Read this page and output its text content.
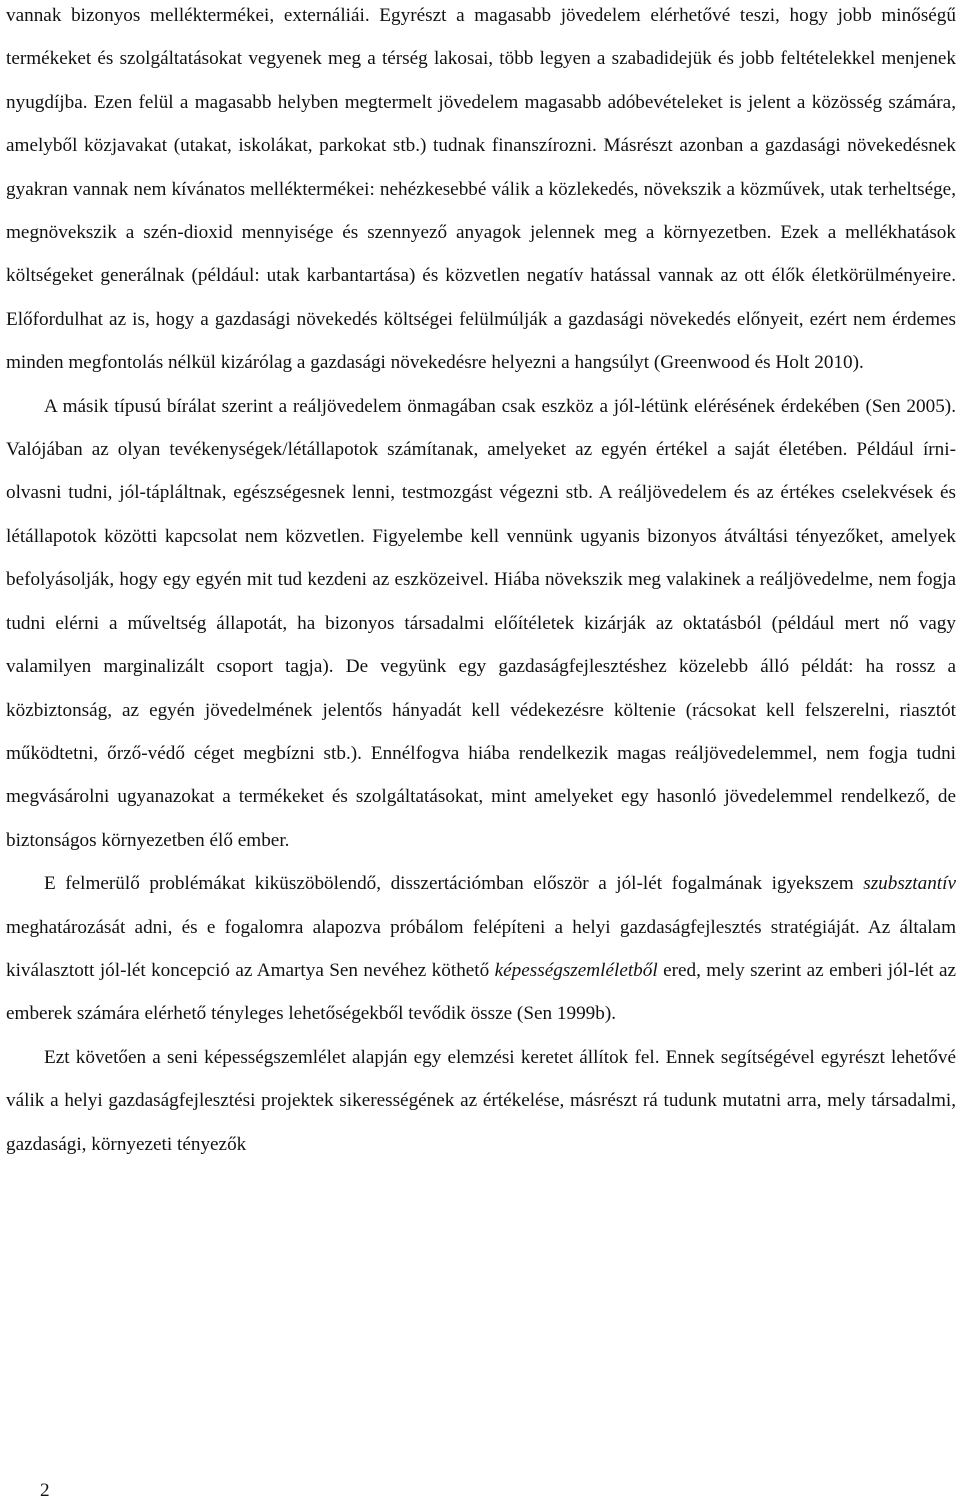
vannak bizonyos melléktermékei, externáliái. Egyrészt a magasabb jövedelem elérhetővé teszi, hogy jobb minőségű termékeket és szolgáltatásokat vegyenek meg a térség lakosai, több legyen a szabadidejük és jobb feltételekkel menjenek nyugdíjba. Ezen felül a magasabb helyben megtermelt jövedelem magasabb adóbevételeket is jelent a közösség számára, amelyből közjavakat (utakat, iskolákat, parkokat stb.) tudnak finanszírozni. Másrészt azonban a gazdasági növekedésnek gyakran vannak nem kívánatos melléktermékei: nehézkesebbé válik a közlekedés, növekszik a közművek, utak terheltsége, megnövekszik a szén-dioxid mennyisége és szennyező anyagok jelennek meg a környezetben. Ezek a mellékhatások költségeket generálnak (például: utak karbantartása) és közvetlen negatív hatással vannak az ott élők életkörülményeire. Előfordulhat az is, hogy a gazdasági növekedés költségei felülmúlják a gazdasági növekedés előnyeit, ezért nem érdemes minden megfontolás nélkül kizárólag a gazdasági növekedésre helyezni a hangsúlyt (Greenwood és Holt 2010).

A másik típusú bírálat szerint a reáljövedelem önmagában csak eszköz a jól-létünk elérésének érdekében (Sen 2005). Valójában az olyan tevékenységek/létállapotok számítanak, amelyeket az egyén értékel a saját életében. Például írni-olvasni tudni, jól-tápláltnak, egészségesnek lenni, testmozgást végezni stb. A reáljövedelem és az értékes cselekvések és létállapotok közötti kapcsolat nem közvetlen. Figyelembe kell vennünk ugyanis bizonyos átváltási tényezőket, amelyek befolyásolják, hogy egy egyén mit tud kezdeni az eszközeivel. Hiába növekszik meg valakinek a reáljövedelme, nem fogja tudni elérni a műveltség állapotát, ha bizonyos társadalmi előítéletek kizárják az oktatásból (például mert nő vagy valamilyen marginalizált csoport tagja). De vegyünk egy gazdaságfejlesztéshez közelebb álló példát: ha rossz a közbiztonság, az egyén jövedelmének jelentős hányadát kell védekezésre költenie (rácsokat kell felszerelni, riasztót működtetni, őrző-védő céget megbízni stb.). Ennélfogva hiába rendelkezik magas reáljövedelemmel, nem fogja tudni megvásárolni ugyanazokat a termékeket és szolgáltatásokat, mint amelyeket egy hasonló jövedelemmel rendelkező, de biztonságos környezetben élő ember.

E felmerülő problémákat kiküszöbölendő, disszertációmban először a jól-lét fogalmának igyekszem szubsztantív meghatározását adni, és e fogalomra alapozva próbálom felépíteni a helyi gazdaságfejlesztés stratégiáját. Az általam kiválasztott jól-lét koncepció az Amartya Sen nevéhez köthető képességszemléletből ered, mely szerint az emberi jól-lét az emberek számára elérhető tényleges lehetőségekből tevődik össze (Sen 1999b).

Ezt követően a seni képességszemlélet alapján egy elemzési keretet állítok fel. Ennek segítségével egyrészt lehetővé válik a helyi gazdaságfejlesztési projektek sikerességének az értékelése, másrészt rá tudunk mutatni arra, mely társadalmi, gazdasági, környezeti tényezők

2
